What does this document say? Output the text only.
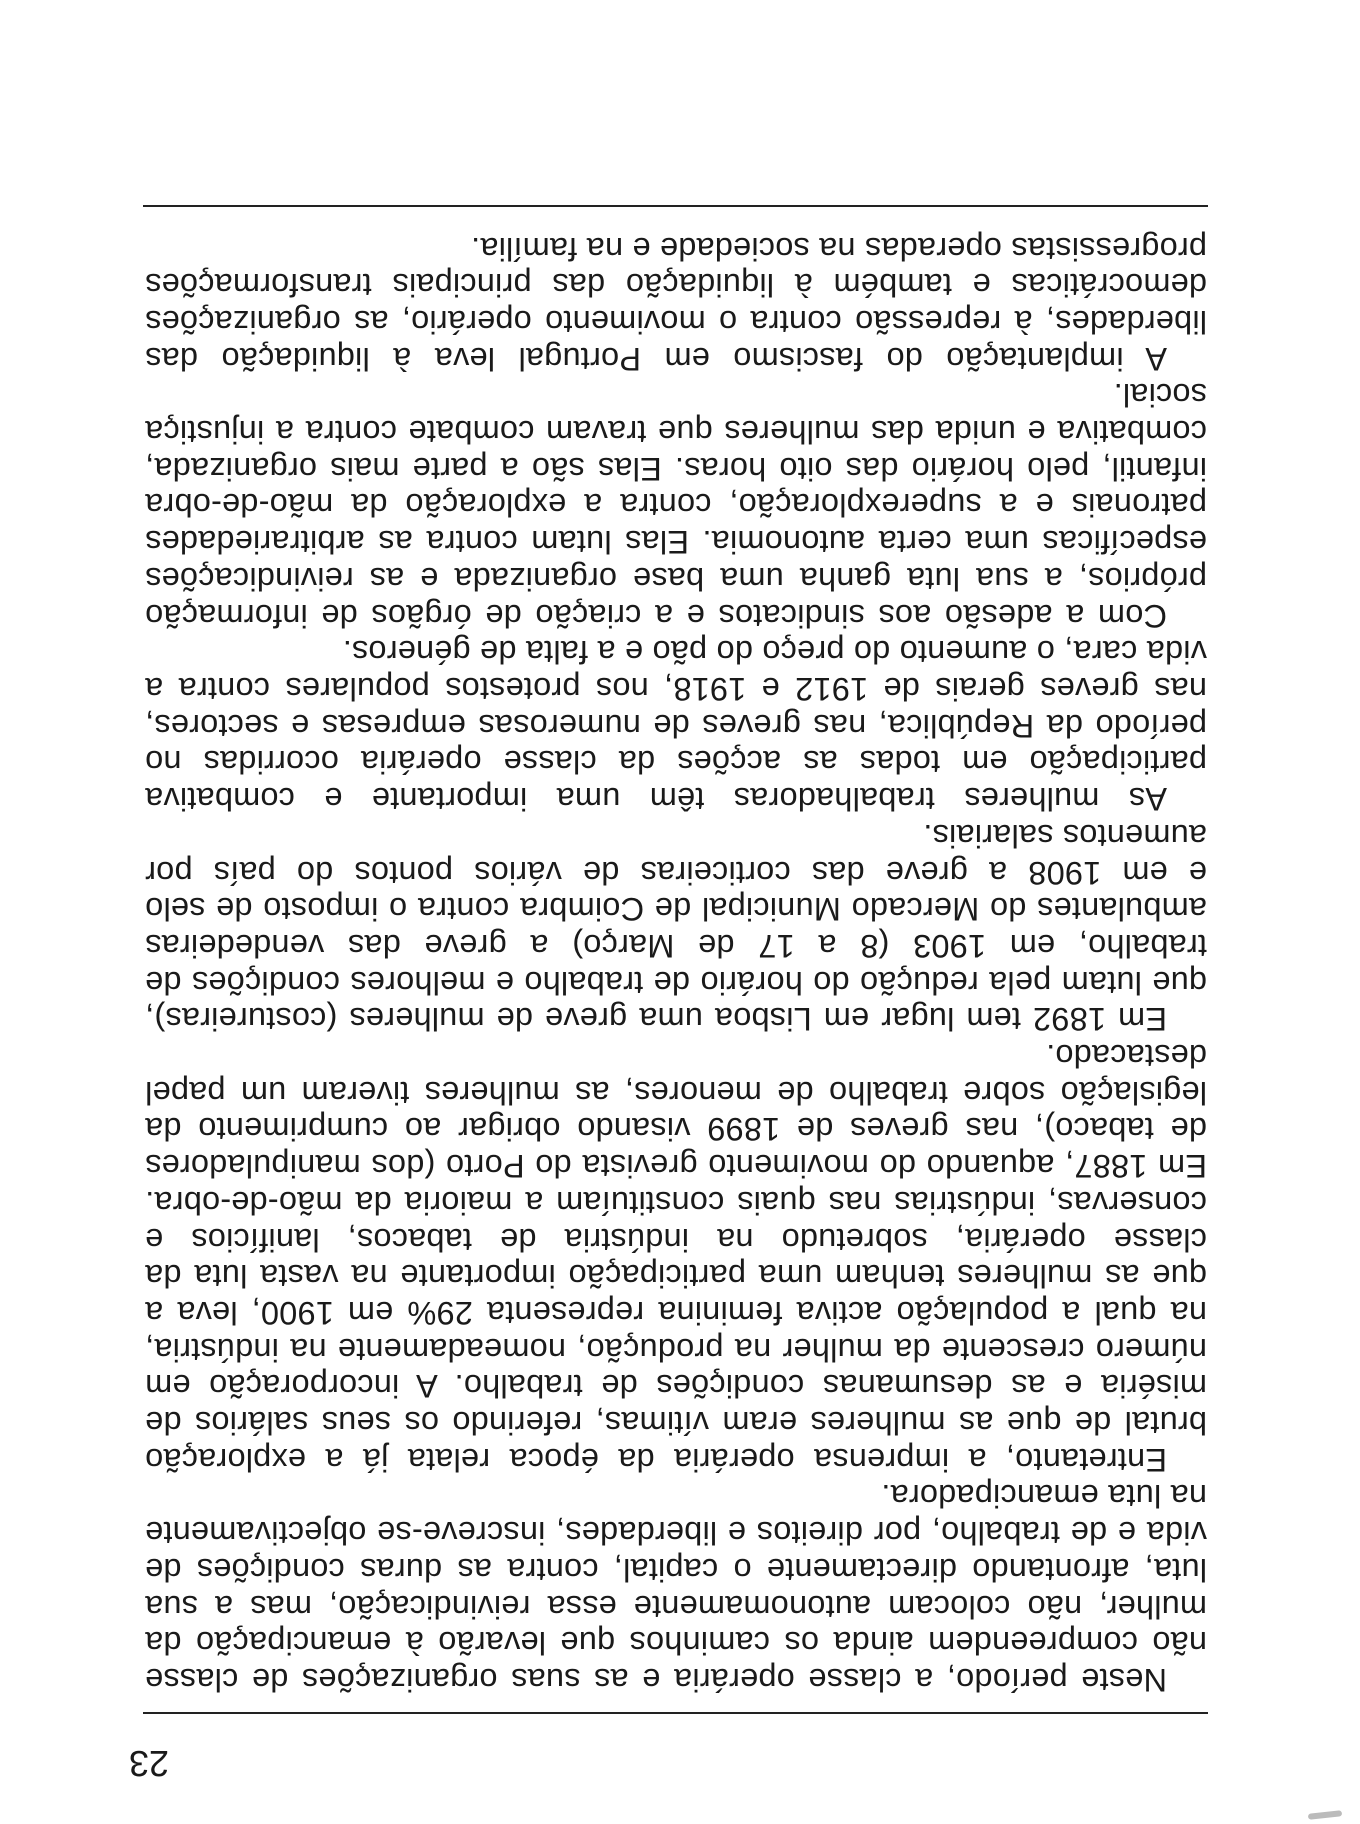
23

Neste período, a classe operária e as suas organizações de classe não compreendem ainda os caminhos que levarão à emancipação da mulher, não colocam autonomamente essa reivindicação, mas a sua luta, afrontando directamente o capital, contra as duras condições de vida e de trabalho, por direitos e liberdades, inscreve-se objectivamente na luta emancipadora.

Entretanto, a imprensa operária da época relata já a exploração brutal de que as mulheres eram vítimas, referindo os seus salários de miséria e as desumanas condições de trabalho. A incorporação em número crescente da mulher na produção, nomeadamente na indústria, na qual a população activa feminina representa 29% em 1900, leva a que as mulheres tenham uma participação importante na vasta luta da classe operária, sobretudo na indústria de tabacos, lanifícios e conservas, indústrias nas quais constituíam a maioria da mão-de-obra. Em 1887, aquando do movimento grevista do Porto (dos manipuladores de tabaco), nas greves de 1899 visando obrigar ao cumprimento da legislação sobre trabalho de menores, as mulheres tiveram um papel destacado.

Em 1892 tem lugar em Lisboa uma greve de mulheres (costureiras), que lutam pela redução do horário de trabalho e melhores condições de trabalho, em 1903 (8 a 17 de Março) a greve das vendedeiras ambulantes do Mercado Municipal de Coimbra contra o imposto de selo e em 1908 a greve das corticeiras de vários pontos do país por aumentos salariais.

As mulheres trabalhadoras têm uma importante e combativa participação em todas as acções da classe operária ocorridas no período da República, nas greves de numerosas empresas e sectores, nas greves gerais de 1912 e 1918, nos protestos populares contra a vida cara, o aumento do preço do pão e a falta de géneros.

Com a adesão aos sindicatos e a criação de órgãos de informação próprios, a sua luta ganha uma base organizada e as reivindicações específicas uma certa autonomia. Elas lutam contra as arbitrariedades patronais e a superexploração, contra a exploração da mão-de-obra infantil, pelo horário das oito horas. Elas são a parte mais organizada, combativa e unida das mulheres que travam combate contra a injustiça social.

A implantação do fascismo em Portugal leva à liquidação das liberdades, à repressão contra o movimento operário, as organizações democráticas e também à liquidação das principais transformações progressistas operadas na sociedade e na família.
